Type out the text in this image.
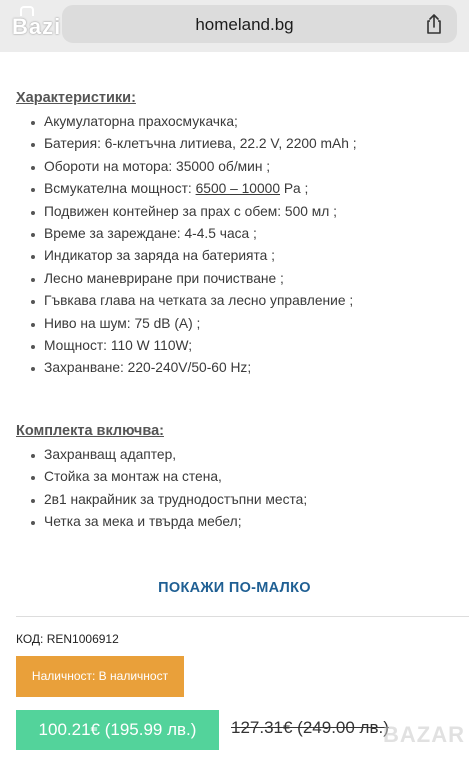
Bazi	homeland.bg
Характеристики:
Акумулаторна прахосмукачка;
Батерия: 6-клетъчна литиева, 22.2 V, 2200 mAh ;
Обороти на мотора: 35000 об/мин ;
Всмукателна мощност: 6500 – 10000 Pa ;
Подвижен контейнер за прах с обем: 500 мл ;
Време за зареждане: 4-4.5 часа ;
Индикатор за заряда на батерията ;
Лесно маневриране при почистване ;
Гъвкава глава на четката за лесно управление ;
Ниво на шум: 75 dB (A) ;
Мощност: 110 W 110W;
Захранване: 220-240V/50-60 Hz;
Комплекта включва:
Захранващ адаптер,
Стойка за монтаж на стена,
2в1 накрайник за труднодостъпни места;
Четка за мека и твърда мебел;
ПОКАЖИ ПО-МАЛКО
КОД: REN1006912
Наличност: В наличност
100.21€ (195.99 лв.)	127.31€ (249.00 лв.)
BAZAR
